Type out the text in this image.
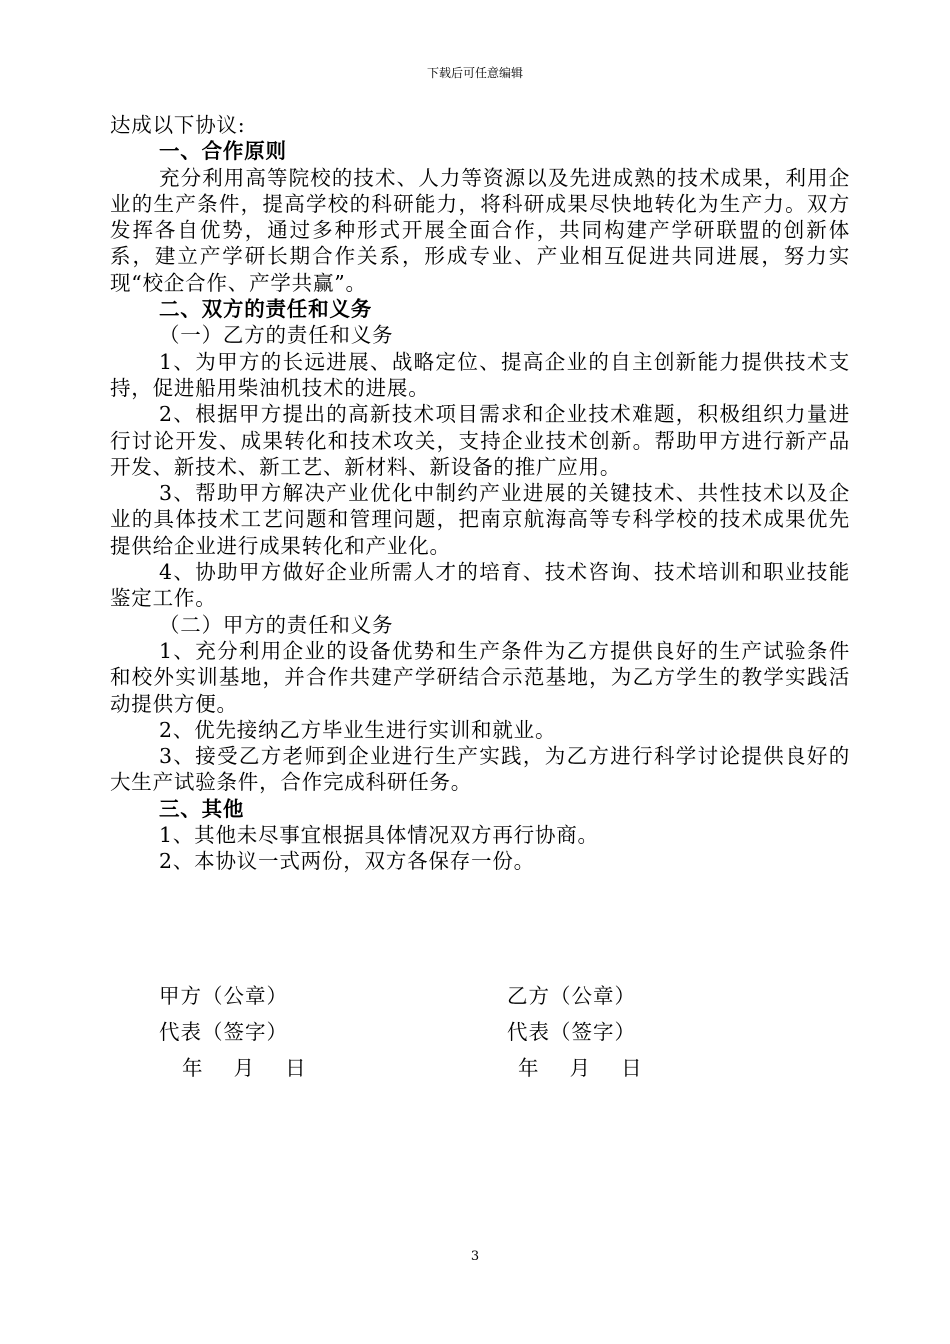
下载后可任意编辑

达成以下协议:

一、合作原则

充分利用高等院校的技术、人力等资源以及先进成熟的技术成果，利用企业的生产条件，提高学校的科研能力，将科研成果尽快地转化为生产力。双方发挥各自优势，通过多种形式开展全面合作，共同构建产学研联盟的创新体系，建立产学研长期合作关系，形成专业、产业相互促进共同进展，努力实现“校企合作、产学共赢”。

二、双方的责任和义务

（一）乙方的责任和义务

1、为甲方的长远进展、战略定位、提高企业的自主创新能力提供技术支持，促进船用柴油机技术的进展。

2、根据甲方提出的高新技术项目需求和企业技术难题，积极组织力量进行讨论开发、成果转化和技术攻关，支持企业技术创新。帮助甲方进行新产品开发、新技术、新工艺、新材料、新设备的推广应用。

3、帮助甲方解决产业优化中制约产业进展的关键技术、共性技术以及企业的具体技术工艺问题和管理问题，把南京航海高等专科学校的技术成果优先提供给企业进行成果转化和产业化。

4、协助甲方做好企业所需人才的培育、技术咨询、技术培训和职业技能鉴定工作。

（二）甲方的责任和义务

1、充分利用企业的设备优势和生产条件为乙方提供良好的生产试验条件和校外实训基地，并合作共建产学研结合示范基地，为乙方学生的教学实践活动提供方便。

2、优先接纳乙方毕业生进行实训和就业。

3、接受乙方老师到企业进行生产实践，为乙方进行科学讨论提供良好的大生产试验条件，合作完成科研任务。

三、其他

1、其他未尽事宜根据具体情况双方再行协商。

2、本协议一式两份，双方各保存一份。

甲方（公章）
代表（签字）
年    月    日
乙方（公章）
代表（签字）
年    月    日
3
